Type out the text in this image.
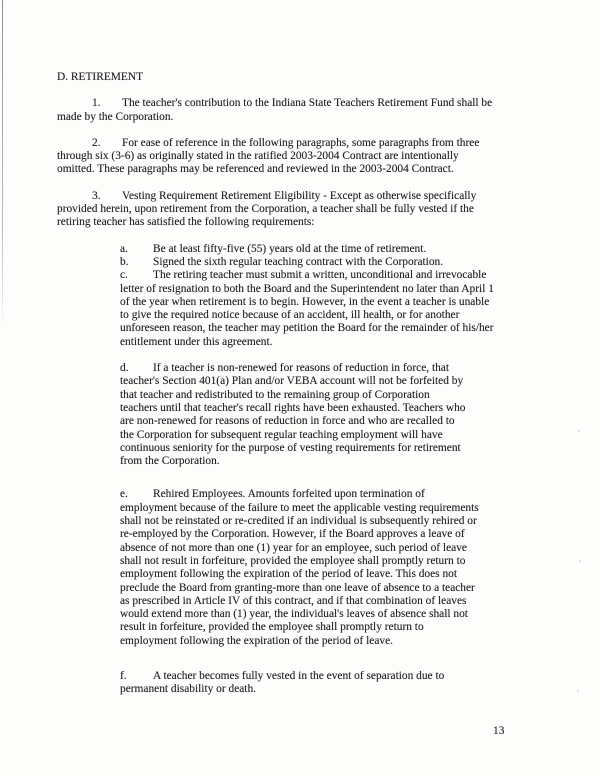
D. RETIREMENT
1. The teacher's contribution to the Indiana State Teachers Retirement Fund shall be
made by the Corporation.
2. For ease of reference in the following paragraphs, some paragraphs from three
through six (3-6) as originally stated in the ratified 2003-2004 Contract are intentionally
omitted. These paragraphs may be referenced and reviewed in the 2003-2004 Contract.
3. Vesting Requirement Retirement Eligibility - Except as otherwise specifically
provided herein, upon retirement from the Corporation, a teacher shall be fully vested if the
retiring teacher has satisfied the following requirements:
a. Be at least fifty-five (55) years old at the time of retirement.
b. Signed the sixth regular teaching contract with the Corporation.
c. The retiring teacher must submit a written, unconditional and irrevocable
letter of resignation to both the Board and the Superintendent no later than April 1
of the year when retirement is to begin. However, in the event a teacher is unable
to give the required notice because of an accident, ill health, or for another
unforeseen reason, the teacher may petition the Board for the remainder of his/her
entitlement under this agreement.
d. If a teacher is non-renewed for reasons of reduction in force, that
teacher's Section 401(a) Plan and/or VEBA account will not be forfeited by
that teacher and redistributed to the remaining group of Corporation
teachers until that teacher's recall rights have been exhausted. Teachers who
are non-renewed for reasons of reduction in force and who are recalled to
the Corporation for subsequent regular teaching employment will have
continuous seniority for the purpose of vesting requirements for retirement
from the Corporation.
e. Rehired Employees. Amounts forfeited upon termination of
employment because of the failure to meet the applicable vesting requirements
shall not be reinstated or re-credited if an individual is subsequently rehired or
re-employed by the Corporation. However, if the Board approves a leave of
absence of not more than one (1) year for an employee, such period of leave
shall not result in forfeiture, provided the employee shall promptly return to
employment following the expiration of the period of leave. This does not
preclude the Board from granting-more than one leave of absence to a teacher
as prescribed in Article IV of this contract, and if that combination of leaves
would extend more than (1) year, the individual's leaves of absence shall not
result in forfeiture, provided the employee shall promptly return to
employment following the expiration of the period of leave.
f. A teacher becomes fully vested in the event of separation due to
permanent disability or death.
13
